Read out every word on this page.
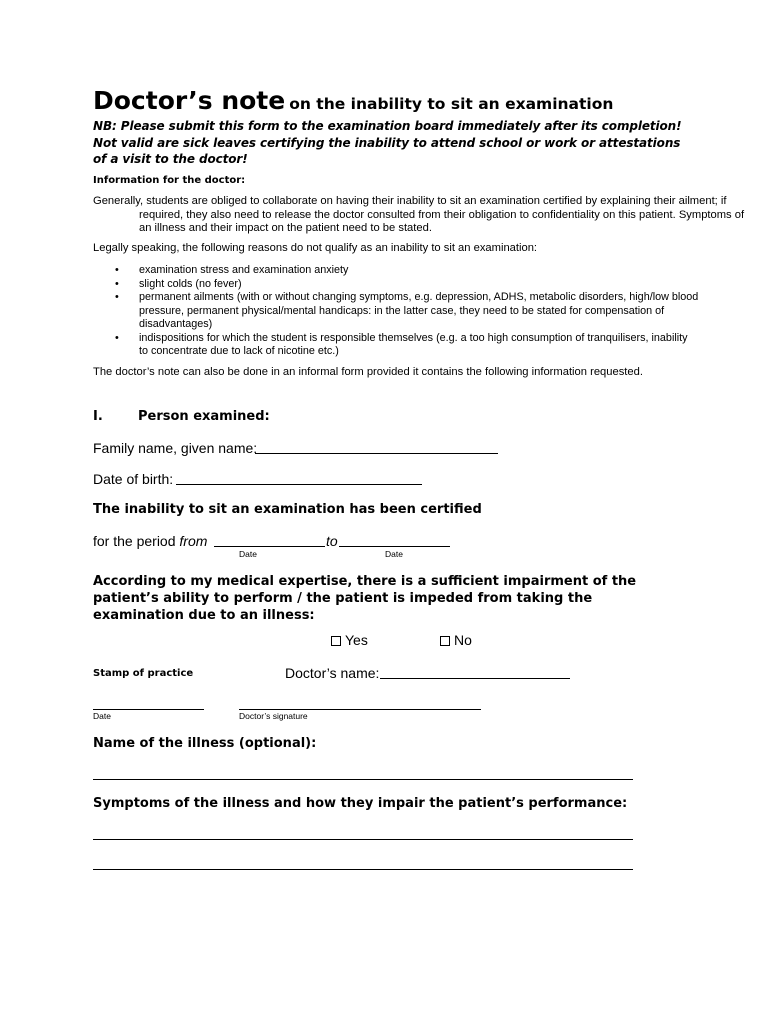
Doctor’s note on the inability to sit an examination
NB: Please submit this form to the examination board immediately after its completion! Not valid are sick leaves certifying the inability to attend school or work or attestations of a visit to the doctor!
Information for the doctor:
Generally, students are obliged to collaborate on having their inability to sit an examination certified by explaining their ailment; if required, they also need to release the doctor consulted from their obligation to confidentiality on this patient. Symptoms of an illness and their impact on the patient need to be stated.
Legally speaking, the following reasons do not qualify as an inability to sit an examination:
• examination stress and examination anxiety
• slight colds (no fever)
• permanent ailments (with or without changing symptoms, e.g. depression, ADHS, metabolic disorders, high/low blood pressure, permanent physical/mental handicaps: in the latter case, they need to be stated for compensation of disadvantages)
• indispositions for which the student is responsible themselves (e.g. a too high consumption of tranquilisers, inability to concentrate due to lack of nicotine etc.)
The doctor’s note can also be done in an informal form provided it contains the following information requested.
I.	Person examined:
Family name, given name:
Date of birth:
The inability to sit an examination has been certified
for the period from	to
Date	Date
According to my medical expertise, there is a sufficient impairment of the patient’s ability to perform / the patient is impeded from taking the examination due to an illness:
Yes	No
Stamp of practice	Doctor’s name:
Date	Doctor’s signature
Name of the illness (optional):
Symptoms of the illness and how they impair the patient’s performance:
